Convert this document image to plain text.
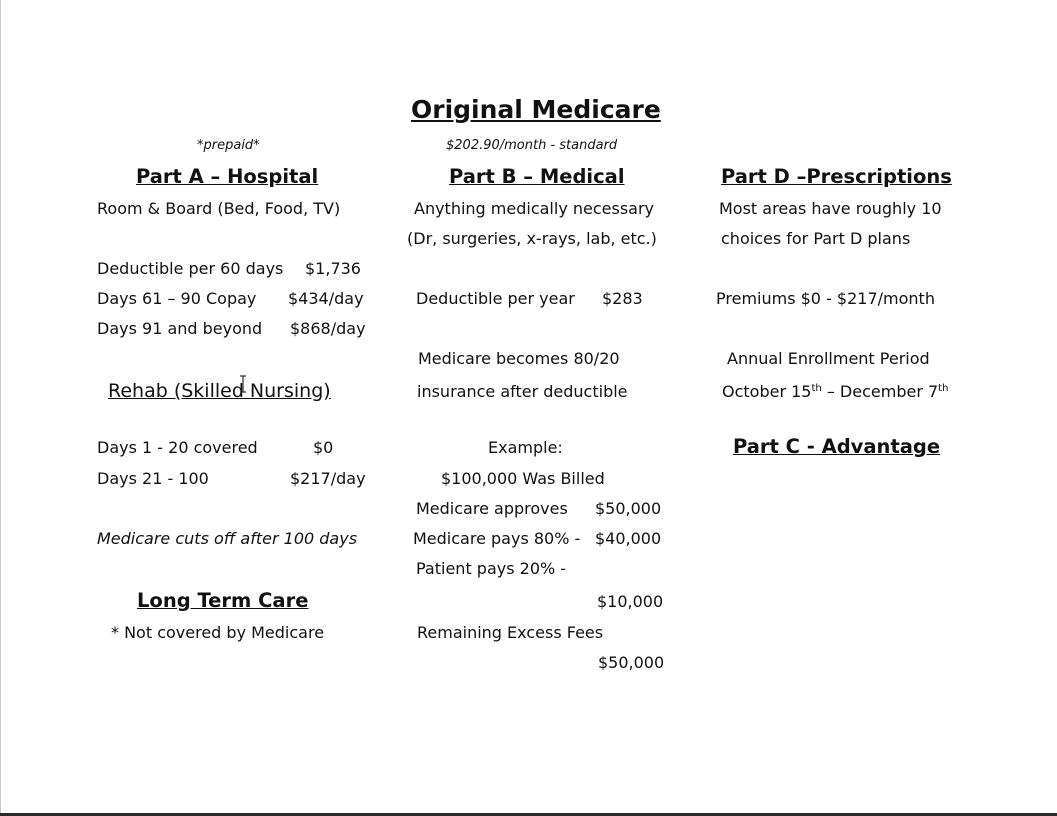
Original Medicare
*prepaid*
Part A – Hospital
Room & Board (Bed, Food, TV)
Deductible per 60 days $1,736
Days 61 – 90 Copay $434/day
Days 91 and beyond $868/day
Rehab (Skilled Nursing)
Days 1 - 20 covered	$0
Days 21 - 100	$217/day
Medicare cuts off after 100 days
Long Term Care
* Not covered by Medicare
$202.90/month - standard
Part B – Medical
Anything medically necessary
(Dr, surgeries, x-rays, lab, etc.)
Deductible per year $283
Medicare becomes 80/20
insurance after deductible
Example:
$100,000 Was Billed
Medicare approves $50,000
Medicare pays 80% - $40,000
Patient pays 20% -
$10,000
Remaining Excess Fees
$50,000
Part D –Prescriptions
Most areas have roughly 10
choices for Part D plans
Premiums $0 - $217/month
Annual Enrollment Period
October 15th – December 7th
Part C - Advantage
